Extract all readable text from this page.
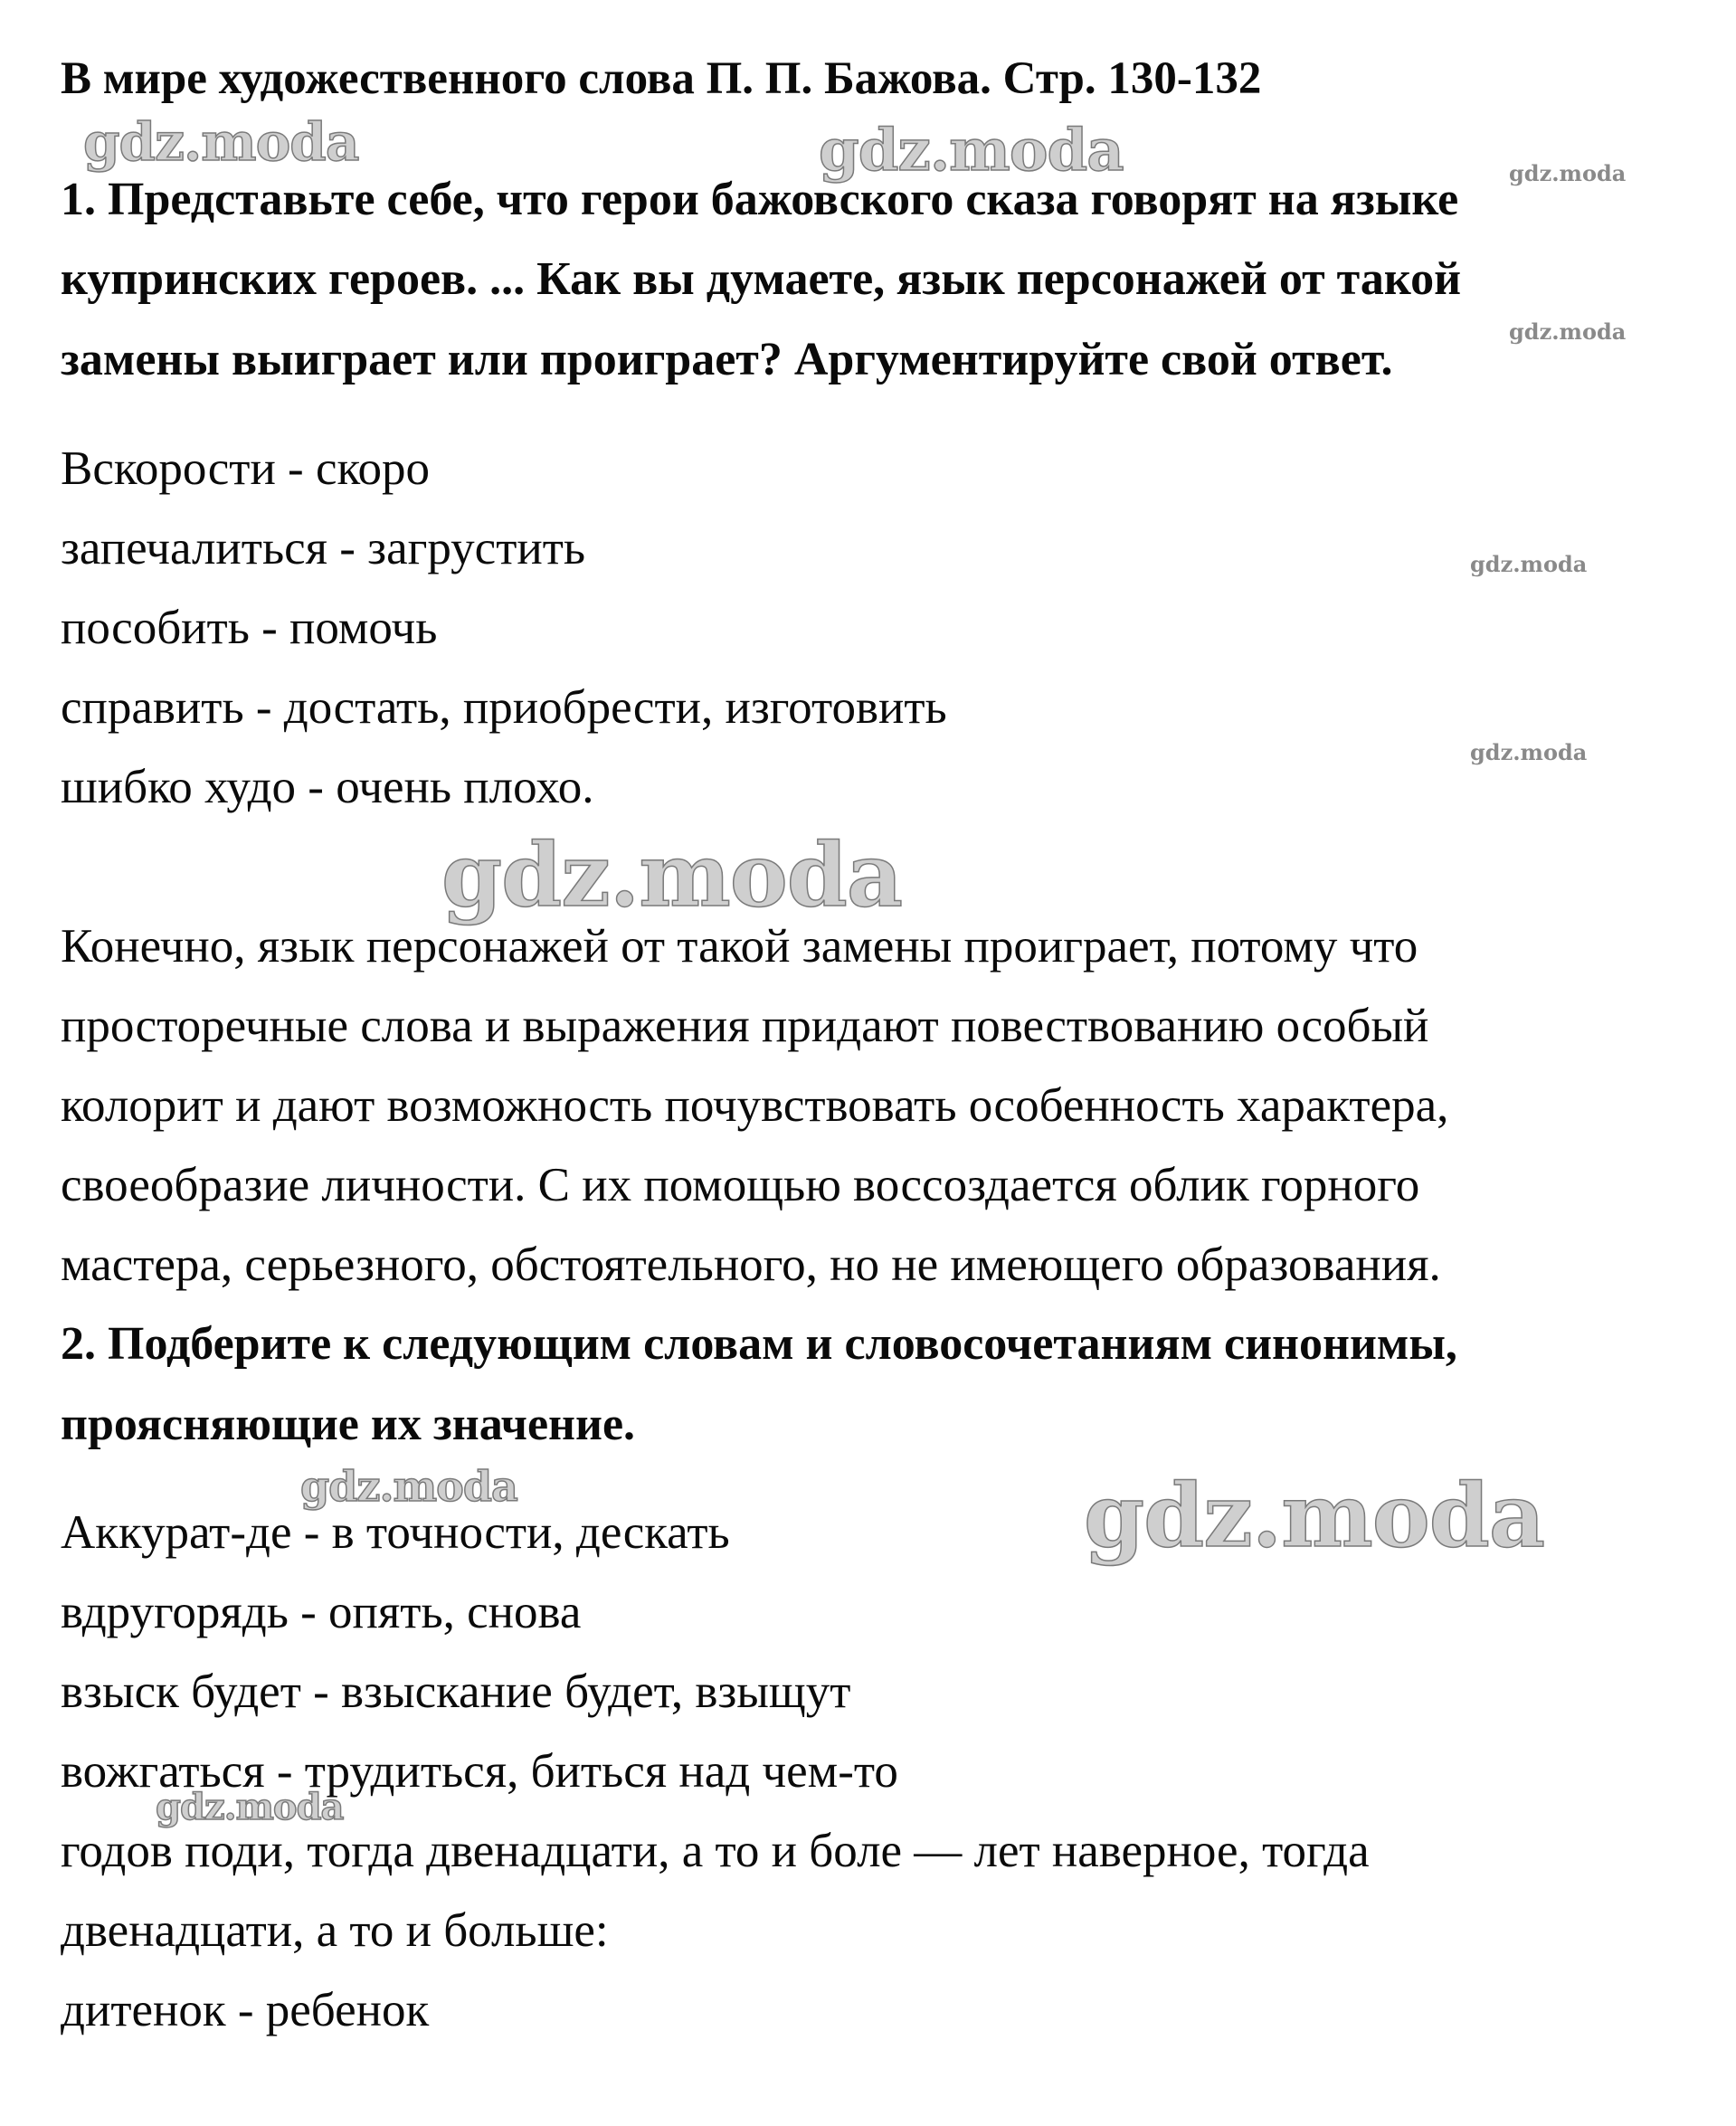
В мире художественного слова П. П. Бажова. Стр. 130-132
1. Представьте себе, что герои бажовского сказа говорят на языке
купринских героев. ... Как вы думаете, язык персонажей от такой
замены выиграет или проиграет? Аргументируйте свой ответ.
Вскорости - скоро
запечалиться - загрустить
пособить - помочь
справить - достать, приобрести, изготовить
шибко худо - очень плохо.
Конечно, язык персонажей от такой замены проиграет, потому что
просторечные слова и выражения придают повествованию особый
колорит и дают возможность почувствовать особенность характера,
своеобразие личности. С их помощью воссоздается облик горного
мастера, серьезного, обстоятельного, но не имеющего образования.
2. Подберите к следующим словам и словосочетаниям синонимы,
проясняющие их значение.
Аккурат-де - в точности, дескать
вдругорядь - опять, снова
взыск будет - взыскание будет, взыщут
вожгаться - трудиться, биться над чем-то
годов поди, тогда двенадцати, а то и боле — лет наверное, тогда
двенадцати, а то и больше:
дитенок - ребенок
gdz.moda	gdz.moda	gdz.moda
gdz.moda
gdz.moda
gdz.moda
gdz.moda
gdz.moda	gdz.moda
gdz.moda
